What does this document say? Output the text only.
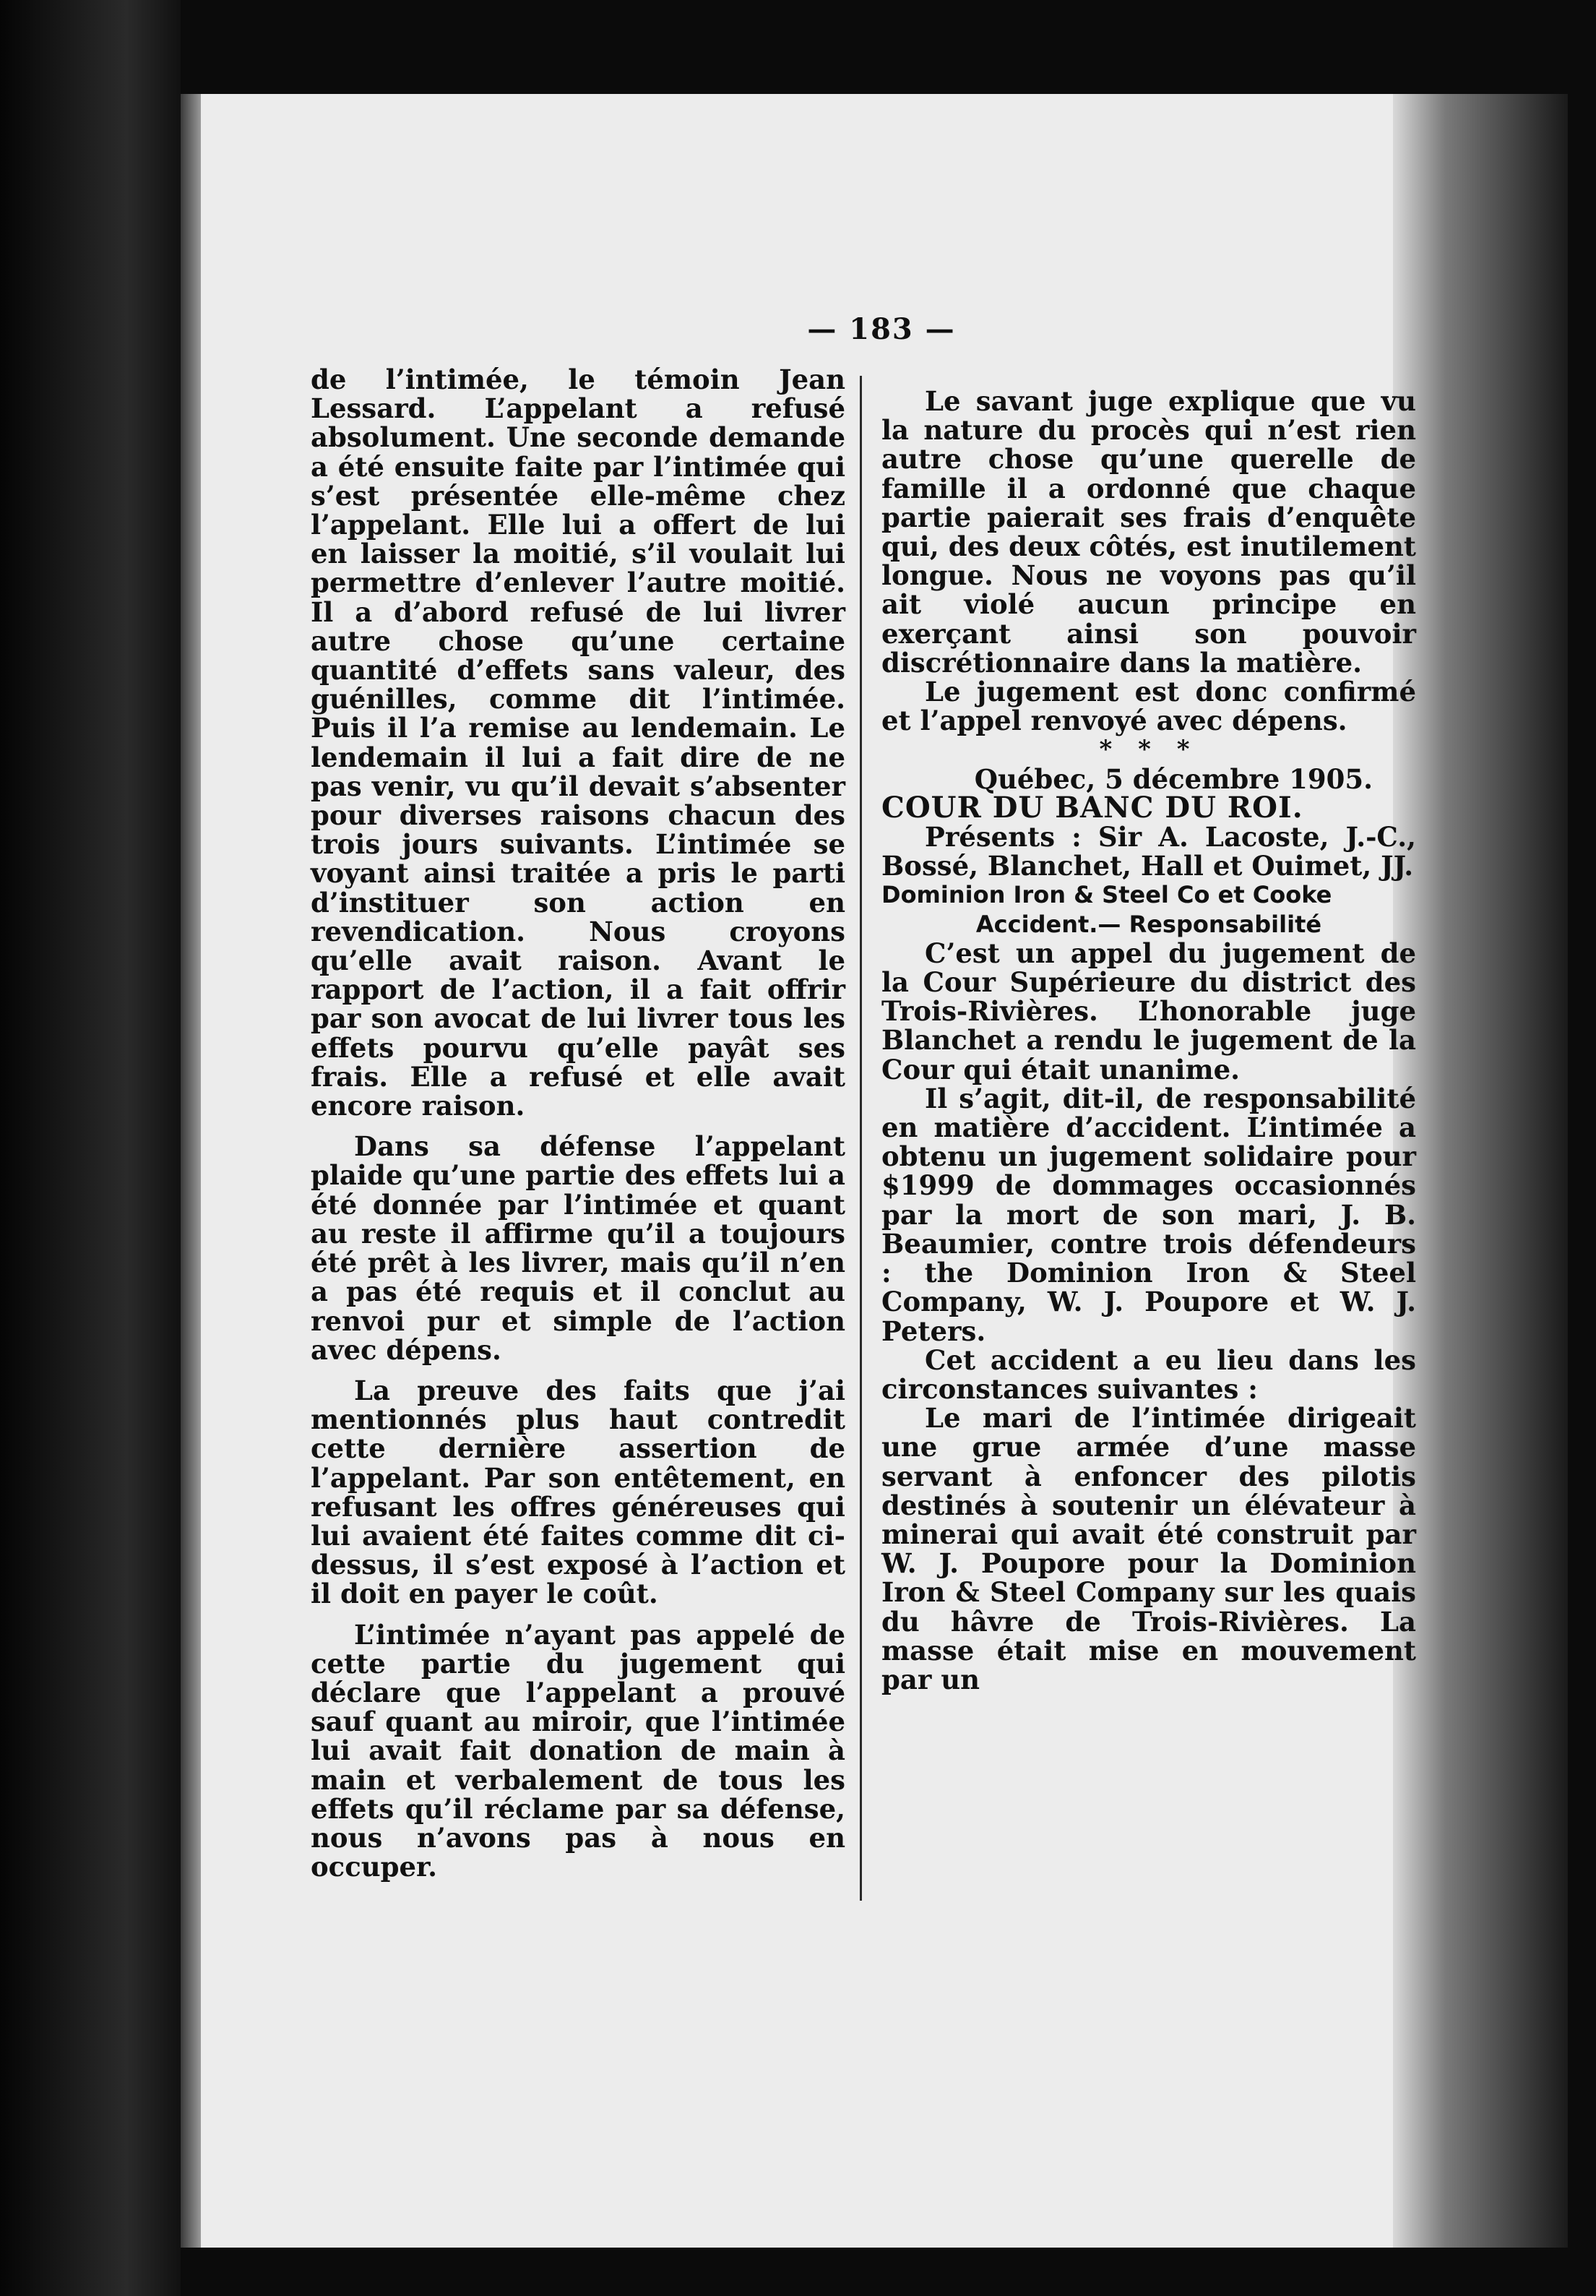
— 183 —

de l’intimée, le témoin Jean Lessard. L’appelant a refusé absolument. Une seconde demande a été ensuite faite par l’intimée qui s’est présentée elle-même chez l’appelant. Elle lui a offert de lui en laisser la moitié, s’il voulait lui permettre d’enlever l’autre moitié. Il a d’abord refusé de lui livrer autre chose qu’une certaine quantité d’effets sans valeur, des guénilles, comme dit l’intimée. Puis il l’a remise au lendemain. Le lendemain il lui a fait dire de ne pas venir, vu qu’il devait s’absenter pour diverses raisons chacun des trois jours suivants. L’intimée se voyant ainsi traitée a pris le parti d’instituer son action en revendication. Nous croyons qu’elle avait raison. Avant le rapport de l’action, il a fait offrir par son avocat de lui livrer tous les effets pourvu qu’elle payât ses frais. Elle a refusé et elle avait encore raison.

Dans sa défense l’appelant plaide qu’une partie des effets lui a été donnée par l’intimée et quant au reste il affirme qu’il a toujours été prêt à les livrer, mais qu’il n’en a pas été requis et il conclut au renvoi pur et simple de l’action avec dépens.

La preuve des faits que j’ai mentionnés plus haut contredit cette dernière assertion de l’appelant. Par son entêtement, en refusant les offres généreuses qui lui avaient été faites comme dit ci-dessus, il s’est exposé à l’action et il doit en payer le coût.

L’intimée n’ayant pas appelé de cette partie du jugement qui déclare que l’appelant a prouvé sauf quant au miroir, que l’intimée lui avait fait donation de main à main et verbalement de tous les effets qu’il réclame par sa défense, nous n’avons pas à nous en occuper.

Le savant juge explique que vu la nature du procès qui n’est rien autre chose qu’une querelle de famille il a ordonné que chaque partie paierait ses frais d’enquête qui, des deux côtés, est inutilement longue. Nous ne voyons pas qu’il ait violé aucun principe en exerçant ainsi son pouvoir discrétionnaire dans la matière.

Le jugement est donc confirmé et l’appel renvoyé avec dépens.

* * *

Québec, 5 décembre 1905.

COUR DU BANC DU ROI.

Présents : Sir A. Lacoste, J.-C., Bossé, Blanchet, Hall et Ouimet, JJ.

Dominion Iron & Steel Co et Cooke

Accident.— Responsabilité

C’est un appel du jugement de la Cour Supérieure du district des Trois-Rivières. L’honorable juge Blanchet a rendu le jugement de la Cour qui était unanime.

Il s’agit, dit-il, de responsabilité en matière d’accident. L’intimée a obtenu un jugement solidaire pour $1999 de dommages occasionnés par la mort de son mari, J. B. Beaumier, contre trois défendeurs : the Dominion Iron & Steel Company, W. J. Poupore et W. J. Peters.

Cet accident a eu lieu dans les circonstances suivantes :

Le mari de l’intimée dirigeait une grue armée d’une masse servant à enfoncer des pilotis destinés à soutenir un élévateur à minerai qui avait été construit par W. J. Poupore pour la Dominion Iron & Steel Company sur les quais du hâvre de Trois-Rivières. La masse était mise en mouvement par un
